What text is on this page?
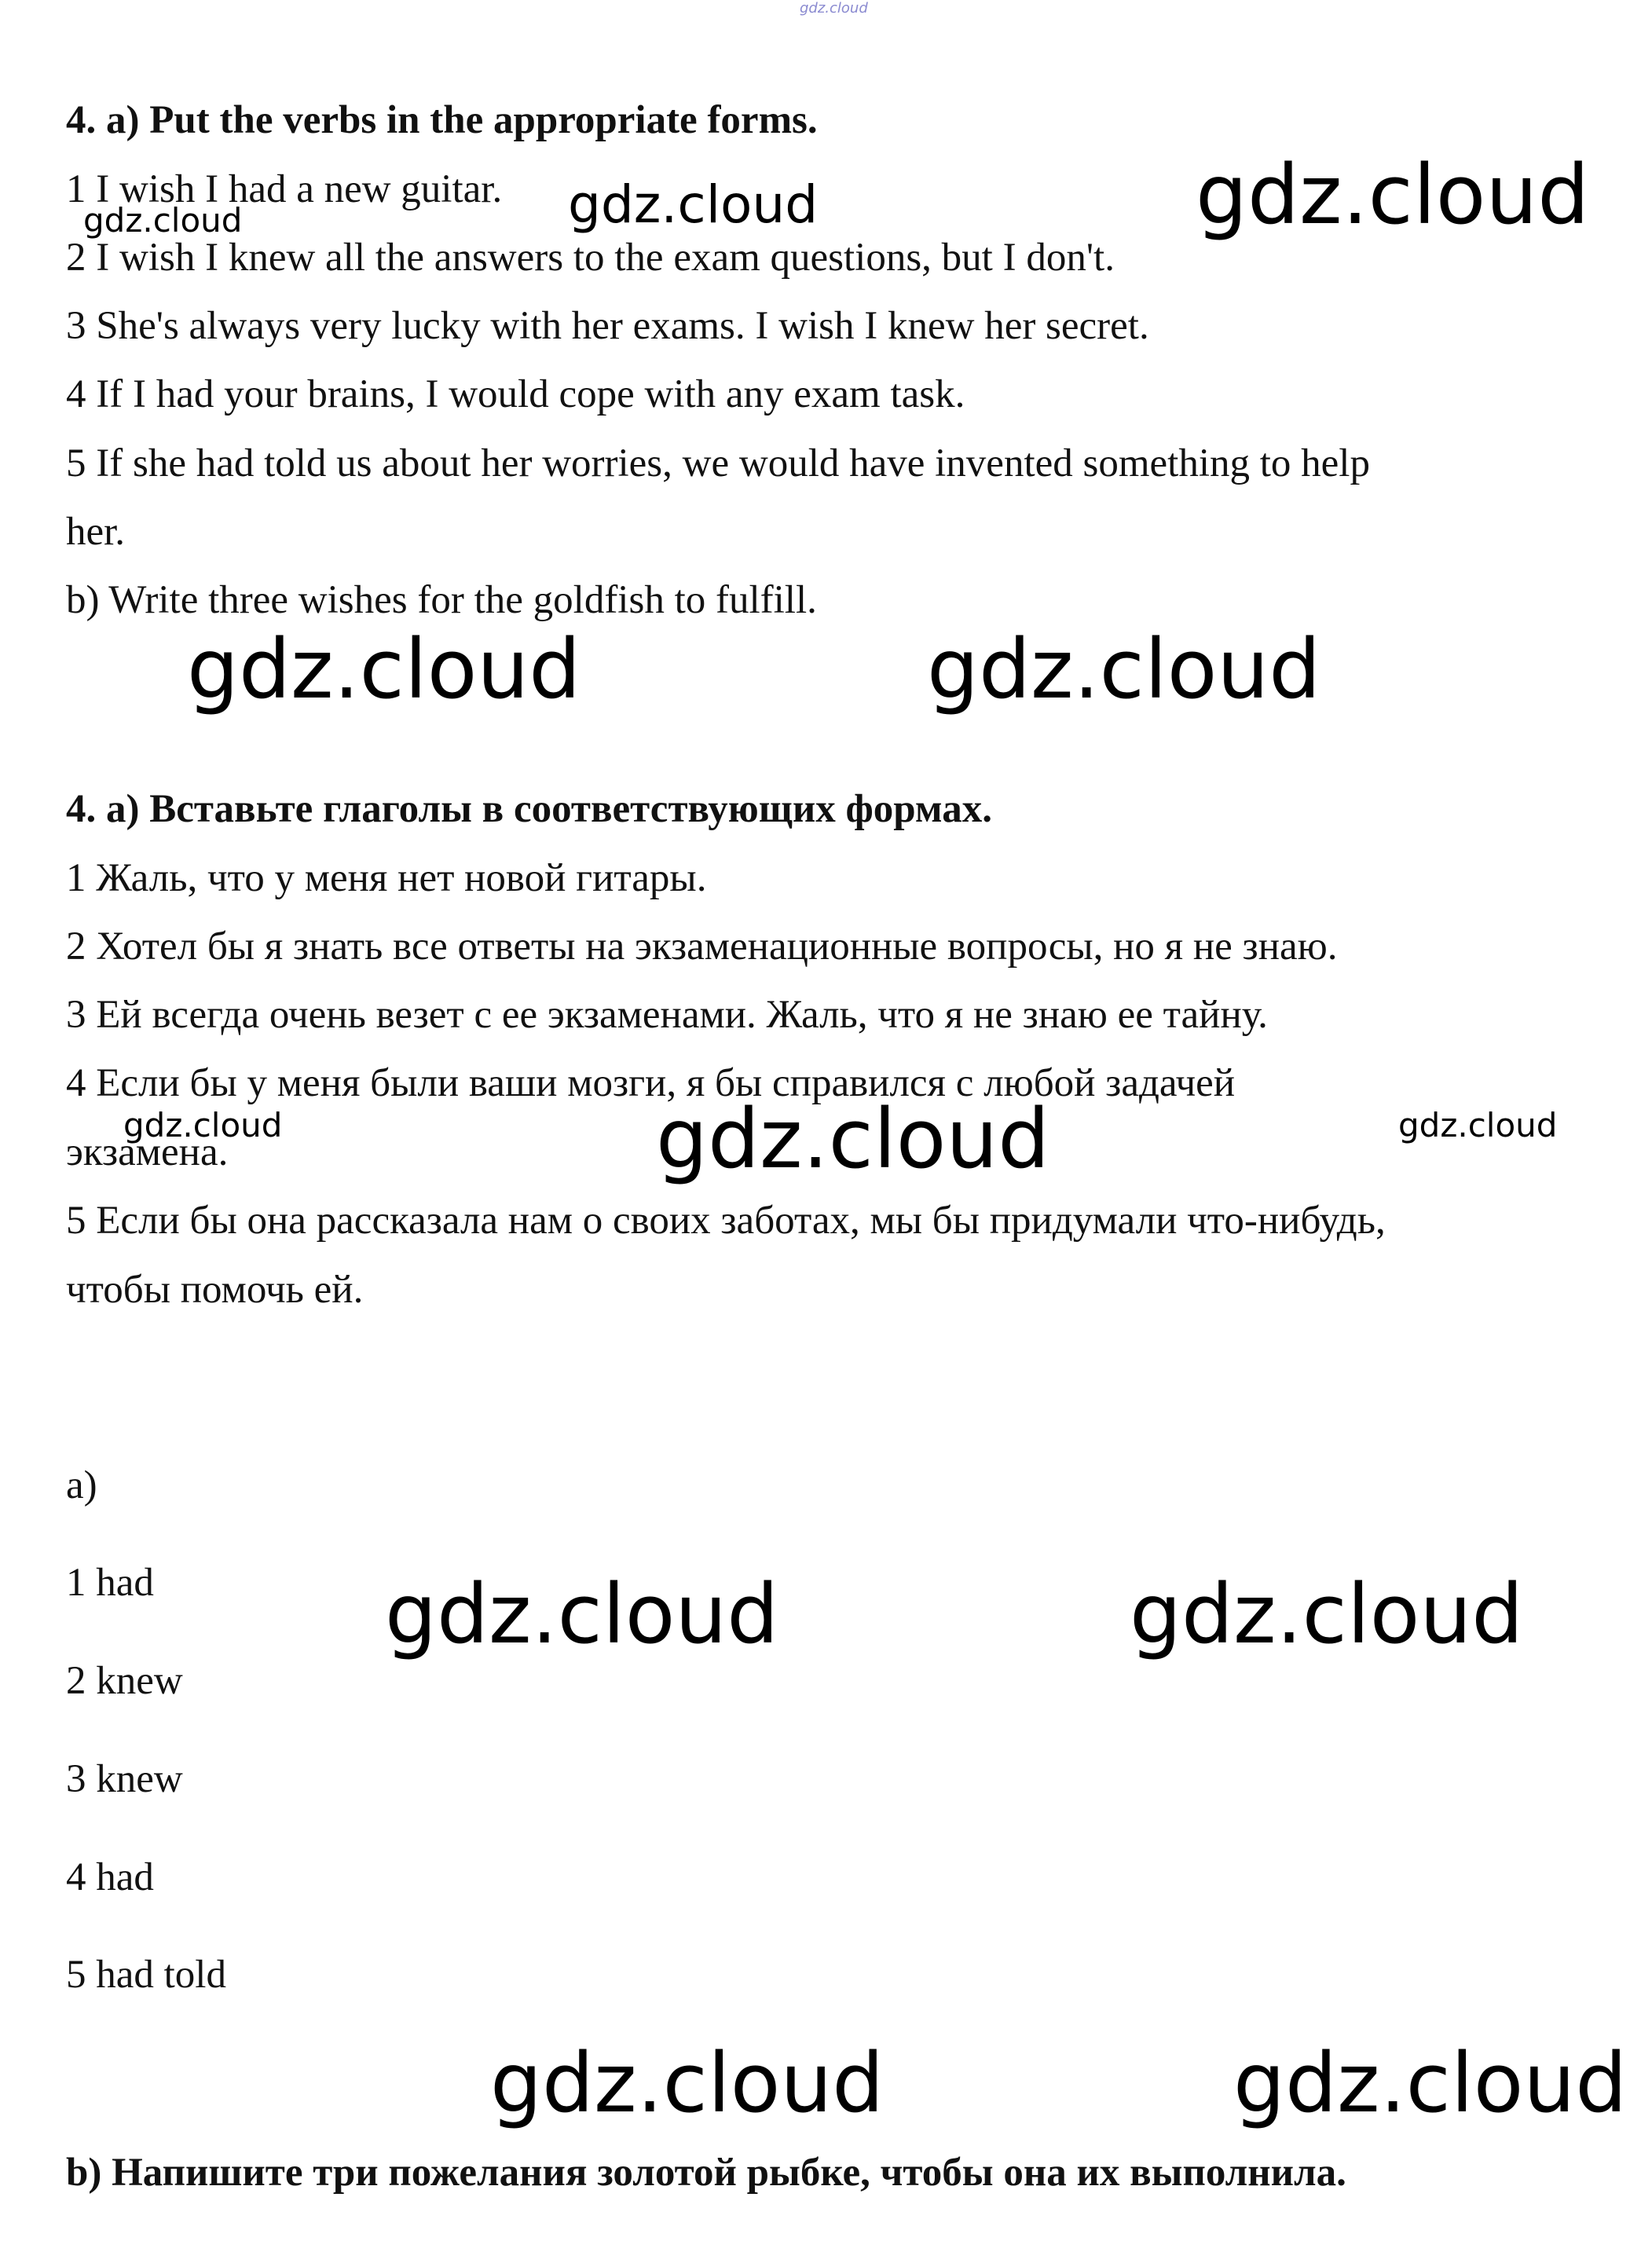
gdz.cloud
4. a) Put the verbs in the appropriate forms.
1 I wish I had a new guitar.
2 I wish I knew all the answers to the exam questions, but I don't.
3 She's always very lucky with her exams. I wish I knew her secret.
4 If I had your brains, I would cope with any exam task.
5 If she had told us about her worries, we would have invented something to help
her.
b) Write three wishes for the goldfish to fulfill.
4. а) Вставьте глаголы в соответствующих формах.
1 Жаль, что у меня нет новой гитары.
2 Хотел бы я знать все ответы на экзаменационные вопросы, но я не знаю.
3 Ей всегда очень везет с ее экзаменами. Жаль, что я не знаю ее тайну.
4 Если бы у меня были ваши мозги, я бы справился с любой задачей
экзамена.
5 Если бы она рассказала нам о своих заботах, мы бы придумали что-нибудь,
чтобы помочь ей.
a)
1 had
2 knew
3 knew
4 had
5 had told
b) Напишите три пожелания золотой рыбке, чтобы она их выполнила.
gdz.cloud	gdz.cloud	gdz.cloud
gdz.cloud	gdz.cloud
gdz.cloud	gdz.cloud	gdz.cloud
gdz.cloud	gdz.cloud
gdz.cloud	gdz.cloud
